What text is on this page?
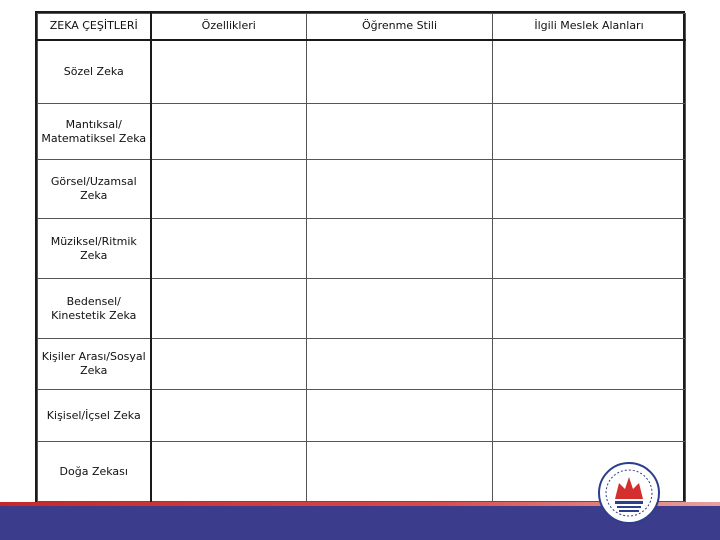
ZEKA ÇEŞİTLERİ	Özellikleri	Öğrenme Stili	İlgili Meslek Alanları
Sözel Zeka			
Mantıksal/ Matematiksel Zeka			
Görsel/Uzamsal Zeka			
Müziksel/Ritmik Zeka			
Bedensel/ Kinestetik Zeka			
Kişiler Arası/Sosyal Zeka			
Kişisel/İçsel Zeka			
Doğa Zekası			
